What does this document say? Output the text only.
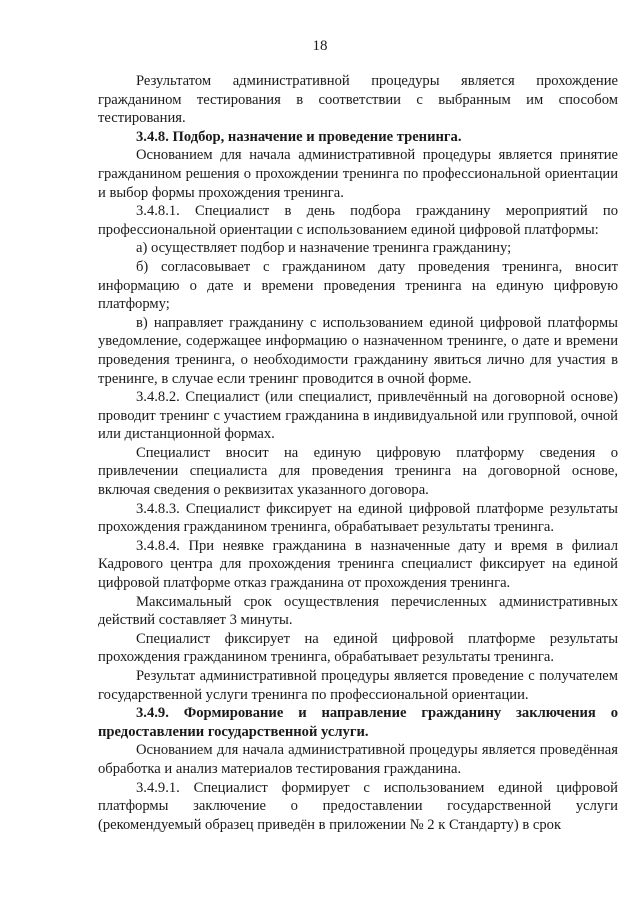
18

Результатом административной процедуры является прохождение гражданином тестирования в соответствии с выбранным им способом тестирования.

3.4.8. Подбор, назначение и проведение тренинга.

Основанием для начала административной процедуры является принятие гражданином решения о прохождении тренинга по профессиональной ориентации и выбор формы прохождения тренинга.

3.4.8.1. Специалист в день подбора гражданину мероприятий по профессиональной ориентации с использованием единой цифровой платформы:

а) осуществляет подбор и назначение тренинга гражданину;

б) согласовывает с гражданином дату проведения тренинга, вносит информацию о дате и времени проведения тренинга на единую цифровую платформу;

в) направляет гражданину с использованием единой цифровой платформы уведомление, содержащее информацию о назначенном тренинге, о дате и времени проведения тренинга, о необходимости гражданину явиться лично для участия в тренинге, в случае если тренинг проводится в очной форме.

3.4.8.2. Специалист (или специалист, привлечённый на договорной основе) проводит тренинг с участием гражданина в индивидуальной или групповой, очной или дистанционной формах.

Специалист вносит на единую цифровую платформу сведения о привлечении специалиста для проведения тренинга на договорной основе, включая сведения о реквизитах указанного договора.

3.4.8.3. Специалист фиксирует на единой цифровой платформе результаты прохождения гражданином тренинга, обрабатывает результаты тренинга.

3.4.8.4. При неявке гражданина в назначенные дату и время в филиал Кадрового центра для прохождения тренинга специалист фиксирует на единой цифровой платформе отказ гражданина от прохождения тренинга.

Максимальный срок осуществления перечисленных административных действий составляет 3 минуты.

Специалист фиксирует на единой цифровой платформе результаты прохождения гражданином тренинга, обрабатывает результаты тренинга.

Результат административной процедуры является проведение с получателем государственной услуги тренинга по профессиональной ориентации.

3.4.9. Формирование и направление гражданину заключения о предоставлении государственной услуги.

Основанием для начала административной процедуры является проведённая обработка и анализ материалов тестирования гражданина.

3.4.9.1. Специалист формирует с использованием единой цифровой платформы заключение о предоставлении государственной услуги (рекомендуемый образец приведён в приложении № 2 к Стандарту) в срок
